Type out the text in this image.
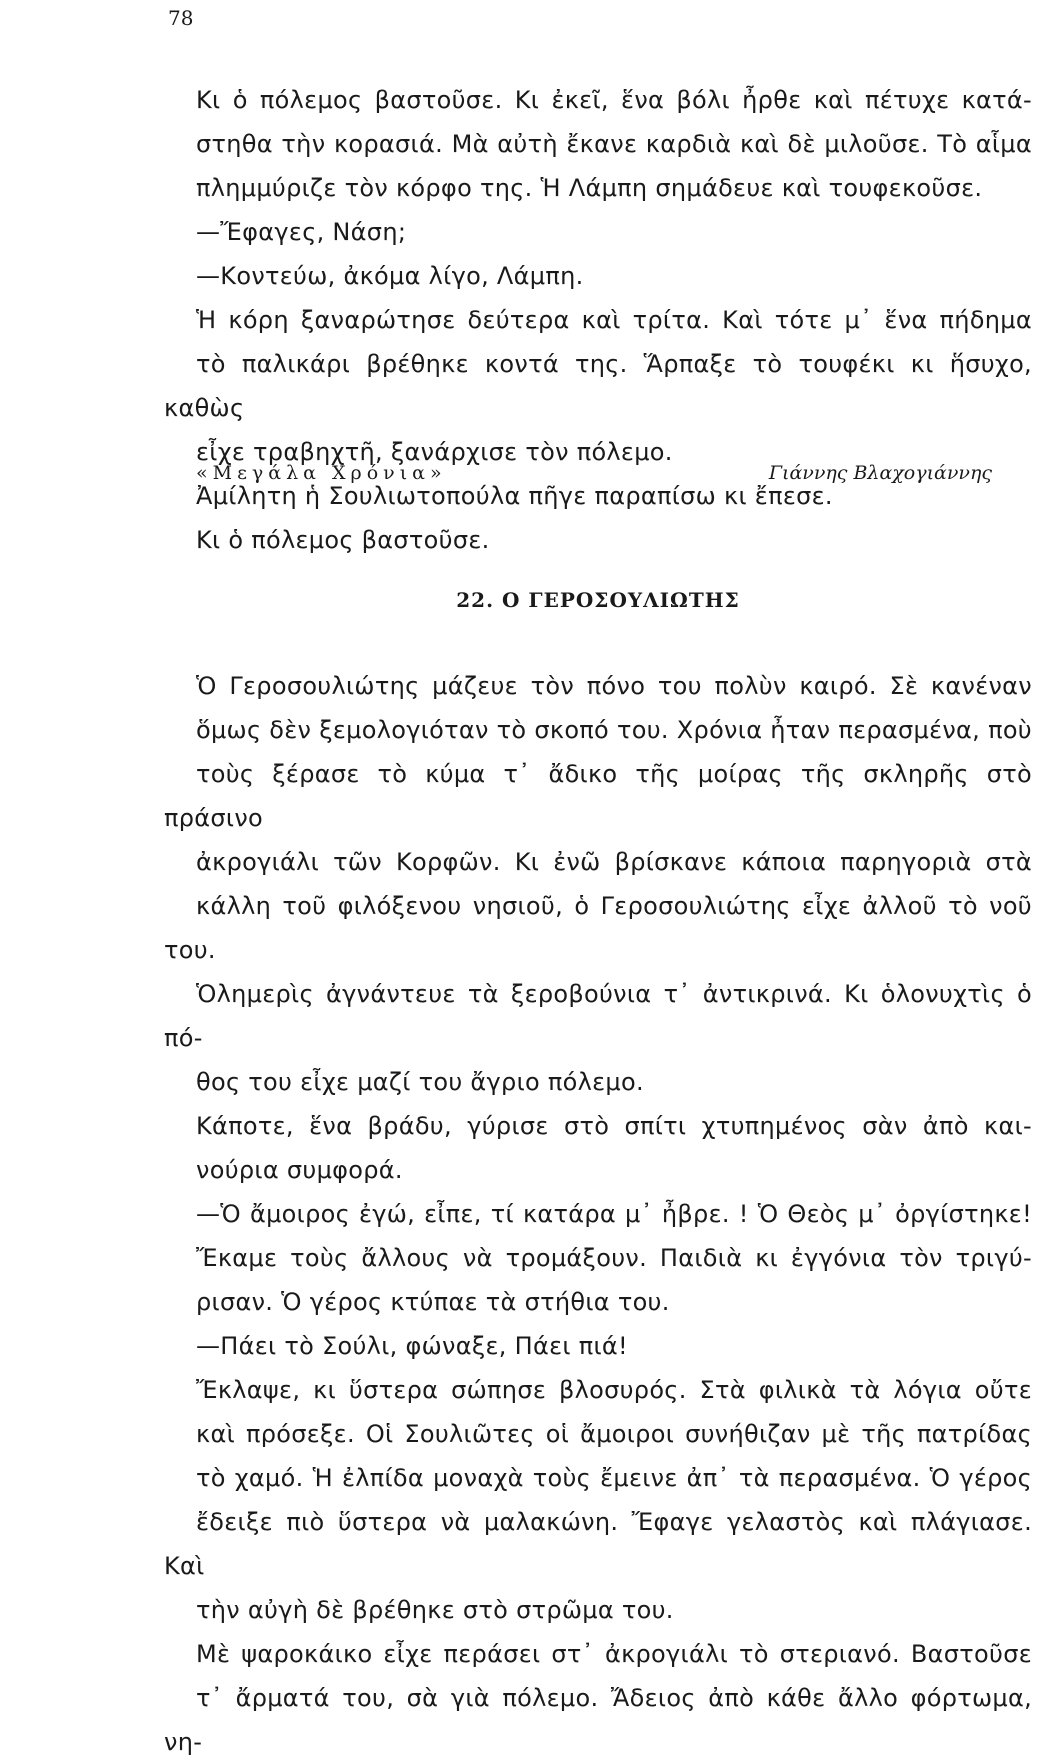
78
Κι ὁ πόλεμος βαστοῦσε. Κι ἐκεῖ, ἕνα βόλι ἦρθε καὶ πέτυχε κατά-
στηθα τὴν κορασιά. Μὰ αὐτὴ ἔκανε καρδιὰ καὶ δὲ μιλοῦσε. Τὸ αἷμα
πλημμύριζε τὸν κόρφο της. Ἡ Λάμπη σημάδευε καὶ τουφεκοῦσε.
—Ἔφαγες, Νάση;
—Κοντεύω, ἀκόμα λίγο, Λάμπη.
Ἡ κόρη ξαναρώτησε δεύτερα καὶ τρίτα. Καὶ τότε μ᾽ ἕνα πήδημα
τὸ παλικάρι βρέθηκε κοντά της. Ἅρπαξε τὸ τουφέκι κι ἥσυχο, καθὼς
εἶχε τραβηχτῆ, ξανάρχισε τὸν πόλεμο.
Ἀμίλητη ἡ Σουλιωτοπούλα πῆγε παραπίσω κι ἔπεσε.
Κι ὁ πόλεμος βαστοῦσε.
«Μεγάλα Χρόνια»	Γιάννης Βλαχογιάννης
22. Ο ΓΕΡΟΣΟΥΛΙΩΤΗΣ
Ὁ Γεροσουλιώτης μάζευε τὸν πόνο του πολὺν καιρό. Σὲ κανέναν
ὅμως δὲν ξεμολογιόταν τὸ σκοπό του. Χρόνια ἦταν περασμένα, ποὺ
τοὺς ξέρασε τὸ κύμα τ᾽ ἄδικο τῆς μοίρας τῆς σκληρῆς στὸ πράσινο
ἀκρογιάλι τῶν Κορφῶν. Κι ἐνῶ βρίσκανε κάποια παρηγοριὰ στὰ
κάλλη τοῦ φιλόξενου νησιοῦ, ὁ Γεροσουλιώτης εἶχε ἀλλοῦ τὸ νοῦ του.
Ὁλημερὶς ἀγνάντευε τὰ ξεροβούνια τ᾽ ἀντικρινά. Κι ὁλονυχτὶς ὁ πό-
θος του εἶχε μαζί του ἄγριο πόλεμο.
Κάποτε, ἕνα βράδυ, γύρισε στὸ σπίτι χτυπημένος σὰν ἀπὸ και-
νούρια συμφορά.
—Ὁ ἄμοιρος ἐγώ, εἶπε, τί κατάρα μ᾽ ἦβρε. ! Ὁ Θεὸς μ᾽ ὀργίστηκε!
Ἔκαμε τοὺς ἄλλους νὰ τρομάξουν. Παιδιὰ κι ἐγγόνια τὸν τριγύ-
ρισαν. Ὁ γέρος κτύπαε τὰ στήθια του.
—Πάει τὸ Σούλι, φώναξε, Πάει πιά!
Ἔκλαψε, κι ὕστερα σώπησε βλοσυρός. Στὰ φιλικὰ τὰ λόγια οὔτε
καὶ πρόσεξε. Οἱ Σουλιῶτες οἱ ἄμοιροι συνήθιζαν μὲ τῆς πατρίδας
τὸ χαμό. Ἡ ἐλπίδα μοναχὰ τοὺς ἔμεινε ἀπ᾽ τὰ περασμένα. Ὁ γέρος
ἔδειξε πιὸ ὕστερα νὰ μαλακώνη. Ἔφαγε γελαστὸς καὶ πλάγιασε. Καὶ
τὴν αὐγὴ δὲ βρέθηκε στὸ στρῶμα του.
Μὲ ψαροκάικο εἶχε περάσει στ᾽ ἀκρογιάλι τὸ στεριανό. Βαστοῦσε
τ᾽ ἄρματά του, σὰ γιὰ πόλεμο. Ἄδειος ἀπὸ κάθε ἄλλο φόρτωμα, νη-
